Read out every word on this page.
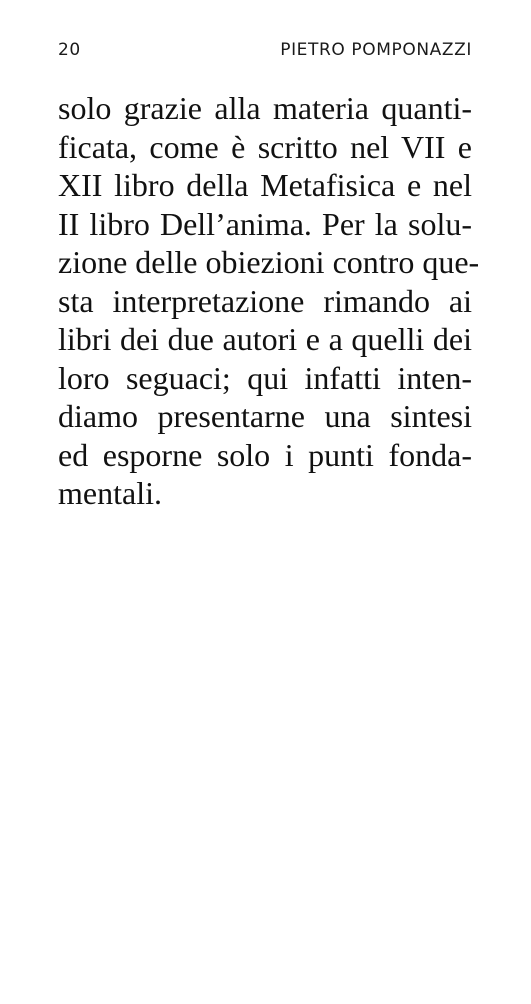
20	PIETRO POMPONAZZI
solo grazie alla materia quanti-
ficata, come è scritto nel VII e
XII libro della Metafisica e nel
II libro Dell’anima. Per la solu-
zione delle obiezioni contro que-
sta interpretazione rimando ai
libri dei due autori e a quelli dei
loro seguaci; qui infatti inten-
diamo presentarne una sintesi
ed esporne solo i punti fonda-
mentali.
